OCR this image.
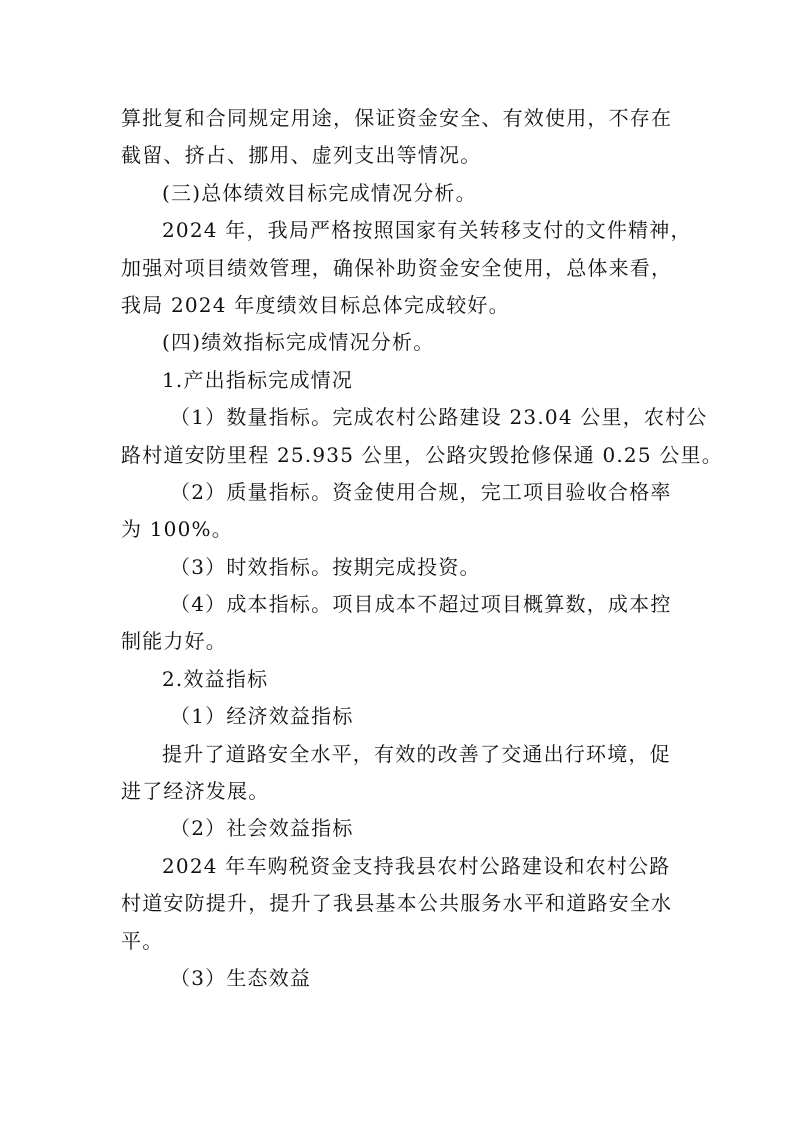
算批复和合同规定用途，保证资金安全、有效使用，不存在
截留、挤占、挪用、虚列支出等情况。
(三)总体绩效目标完成情况分析。
2024 年，我局严格按照国家有关转移支付的文件精神，
加强对项目绩效管理，确保补助资金安全使用，总体来看，
我局 2024 年度绩效目标总体完成较好。
(四)绩效指标完成情况分析。
1.产出指标完成情况
（1）数量指标。完成农村公路建设 23.04 公里，农村公
路村道安防里程 25.935 公里，公路灾毁抢修保通 0.25 公里。
（2）质量指标。资金使用合规，完工项目验收合格率
为 100%。
（3）时效指标。按期完成投资。
（4）成本指标。项目成本不超过项目概算数，成本控
制能力好。
2.效益指标
（1）经济效益指标
提升了道路安全水平，有效的改善了交通出行环境，促
进了经济发展。
（2）社会效益指标
2024 年车购税资金支持我县农村公路建设和农村公路
村道安防提升，提升了我县基本公共服务水平和道路安全水
平。
（3）生态效益
